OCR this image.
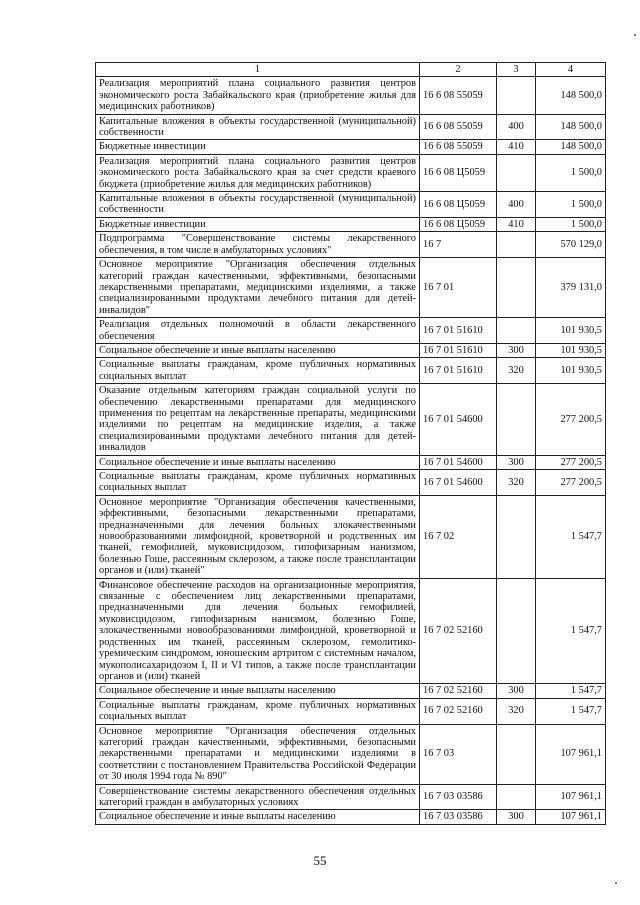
1	2	3	4
Реализация мероприятий плана социального развития центров экономического роста Забайкальского края (приобретение жилья для медицинских работников)	16 6 08 55059		148 500,0
Капитальные вложения в объекты государственной (муниципальной) собственности	16 6 08 55059	400	148 500,0
Бюджетные инвестиции	16 6 08 55059	410	148 500,0
Реализация мероприятий плана социального развития центров экономического роста Забайкальского края за счет средств краевого бюджета (приобретение жилья для медицинских работников)	16 6 08 Ц5059		1 500,0
Капитальные вложения в объекты государственной (муниципальной) собственности	16 6 08 Ц5059	400	1 500,0
Бюджетные инвестиции	16 6 08 Ц5059	410	1 500,0
Подпрограмма "Совершенствование системы лекарственного обеспечения, в том числе в амбулаторных условиях"	16 7		570 129,0
Основное мероприятие "Организация обеспечения отдельных категорий граждан качественными, эффективными, безопасными лекарственными препаратами, медицинскими изделиями, а также специализированными продуктами лечебного питания для детей-инвалидов"	16 7 01		379 131,0
Реализация отдельных полномочий в области лекарственного обеспечения	16 7 01 51610		101 930,5
Социальное обеспечение и иные выплаты населению	16 7 01 51610	300	101 930,5
Социальные выплаты гражданам, кроме публичных нормативных социальных выплат	16 7 01 51610	320	101 930,5
Оказание отдельным категориям граждан социальной услуги по обеспечению лекарственными препаратами для медицинского применения по рецептам на лекарственные препараты, медицинскими изделиями по рецептам на медицинские изделия, а также специализированными продуктами лечебного питания для детей-инвалидов	16 7 01 54600		277 200,5
Социальное обеспечение и иные выплаты населению	16 7 01 54600	300	277 200,5
Социальные выплаты гражданам, кроме публичных нормативных социальных выплат	16 7 01 54600	320	277 200,5
Основное мероприятие "Организация обеспечения качественными, эффективными, безопасными лекарственными препаратами, предназначенными для лечения больных злокачественными новообразованиями лимфоидной, кроветворной и родственных им тканей, гемофилией, муковисцидозом, гипофизарным нанизмом, болезнью Гоше, рассеянным склерозом, а также после трансплантации органов и (или) тканей"	16 7 02		1 547,7
Финансовое обеспечение расходов на организационные мероприятия, связанные с обеспечением лиц лекарственными препаратами, предназначенными для лечения больных гемофилией, муковисцидозом, гипофизарным нанизмом, болезнью Гоше, злокачественными новообразованиями лимфоидной, кроветворной и родственных им тканей, рассеянным склерозом, гемолитико-уремическим синдромом, юношеским артритом с системным началом, мукополисахаридозом I, II и VI типов, а также после трансплантации органов и (или) тканей	16 7 02 52160		1 547,7
Социальное обеспечение и иные выплаты населению	16 7 02 52160	300	1 547,7
Социальные выплаты гражданам, кроме публичных нормативных социальных выплат	16 7 02 52160	320	1 547,7
Основное мероприятие "Организация обеспечения отдельных категорий граждан качественными, эффективными, безопасными лекарственными препаратами и медицинскими изделиями в соответствии с постановлением Правительства Российской Федерации от 30 июля 1994 года № 890"	16 7 03		107 961,1
Совершенствование системы лекарственного обеспечения отдельных категорий граждан в амбулаторных условиях	16 7 03 03586		107 961,1
Социальное обеспечение и иные выплаты населению	16 7 03 03586	300	107 961,1
55
